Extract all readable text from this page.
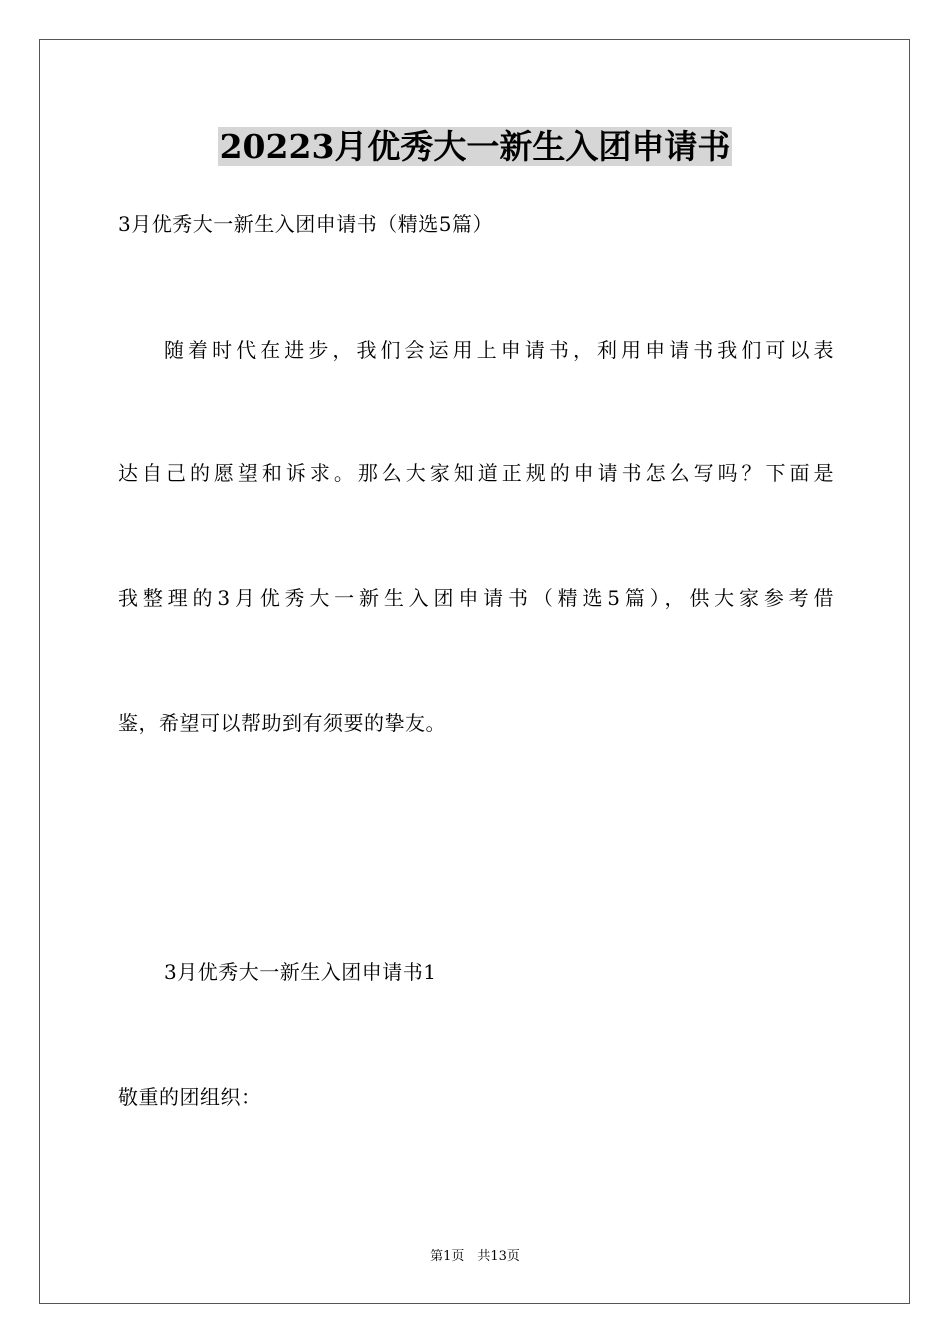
20223月优秀大一新生入团申请书
3月优秀大一新生入团申请书（精选5篇）
随着时代在进步，我们会运用上申请书，利用申请书我们可以表
达自己的愿望和诉求。那么大家知道正规的申请书怎么写吗？下面是
我整理的3月优秀大一新生入团申请书（精选5篇），供大家参考借
鉴，希望可以帮助到有须要的挚友。
3月优秀大一新生入团申请书1
敬重的团组织：
第1页　共13页
